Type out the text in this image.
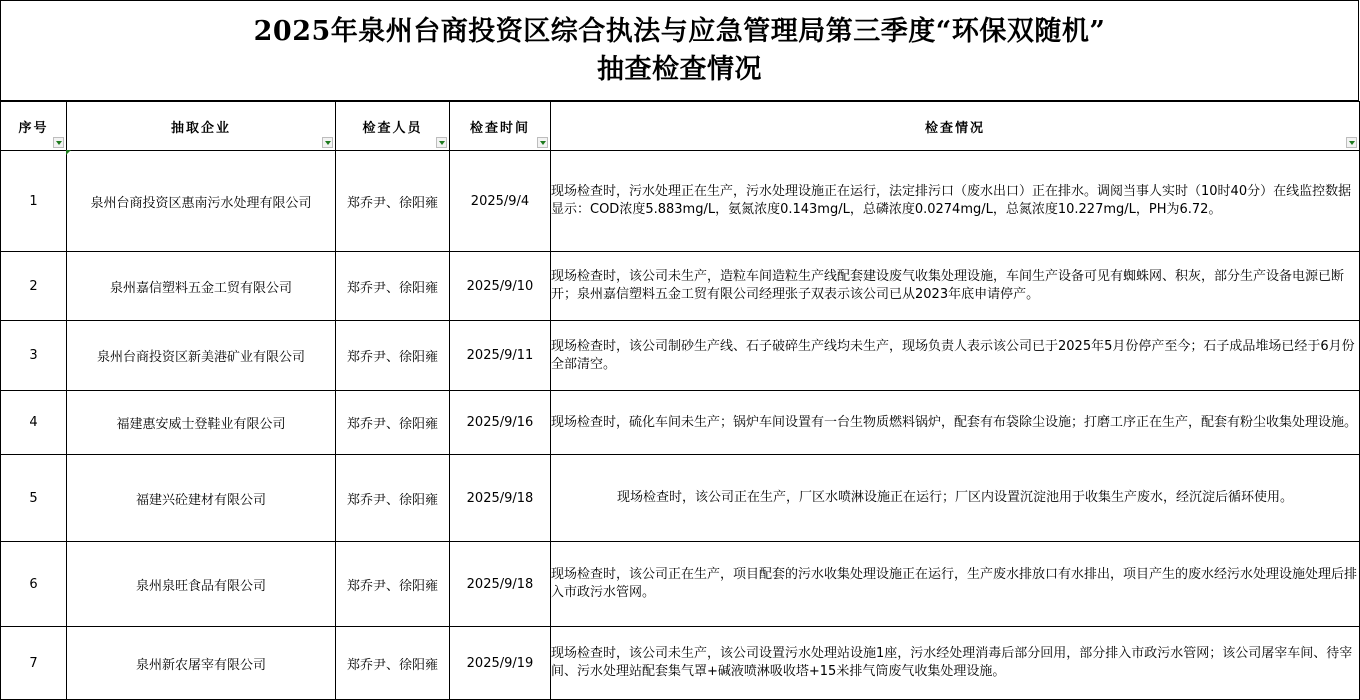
2025年泉州台商投资区综合执法与应急管理局第三季度“环保双随机”
抽查检查情况
序号	抽取企业	检查人员	检查时间	检查情况

1	泉州台商投资区惠南污水处理有限公司	郑乔尹、徐阳雍	2025/9/4	现场检查时，污水处理正在生产，污水处理设施正在运行，法定排污口（废水出口）正在排水。调阅当事人实时（10时40分）在线监控数据显示：COD浓度5.883mg/L，氨氮浓度0.143mg/L，总磷浓度0.0274mg/L，总氮浓度10.227mg/L，PH为6.72。
2	泉州嘉信塑料五金工贸有限公司	郑乔尹、徐阳雍	2025/9/10	现场检查时，该公司未生产，造粒车间造粒生产线配套建设废气收集处理设施，车间生产设备可见有蜘蛛网、积灰，部分生产设备电源已断开；泉州嘉信塑料五金工贸有限公司经理张子双表示该公司已从2023年底申请停产。
3	泉州台商投资区新美港矿业有限公司	郑乔尹、徐阳雍	2025/9/11	现场检查时，该公司制砂生产线、石子破碎生产线均未生产，现场负责人表示该公司已于2025年5月份停产至今；石子成品堆场已经于6月份全部清空。
4	福建惠安威士登鞋业有限公司	郑乔尹、徐阳雍	2025/9/16	现场检查时，硫化车间未生产；锅炉车间设置有一台生物质燃料锅炉，配套有布袋除尘设施；打磨工序正在生产，配套有粉尘收集处理设施。
5	福建兴砼建材有限公司	郑乔尹、徐阳雍	2025/9/18	现场检查时，该公司正在生产，厂区水喷淋设施正在运行；厂区内设置沉淀池用于收集生产废水，经沉淀后循环使用。
6	泉州泉旺食品有限公司	郑乔尹、徐阳雍	2025/9/18	现场检查时，该公司正在生产，项目配套的污水收集处理设施正在运行，生产废水排放口有水排出，项目产生的废水经污水处理设施处理后排入市政污水管网。
7	泉州新农屠宰有限公司	郑乔尹、徐阳雍	2025/9/19	现场检查时，该公司未生产，该公司设置污水处理站设施1座，污水经处理消毒后部分回用，部分排入市政污水管网；该公司屠宰车间、待宰间、污水处理站配套集气罩+碱液喷淋吸收塔+15米排气筒废气收集处理设施。
